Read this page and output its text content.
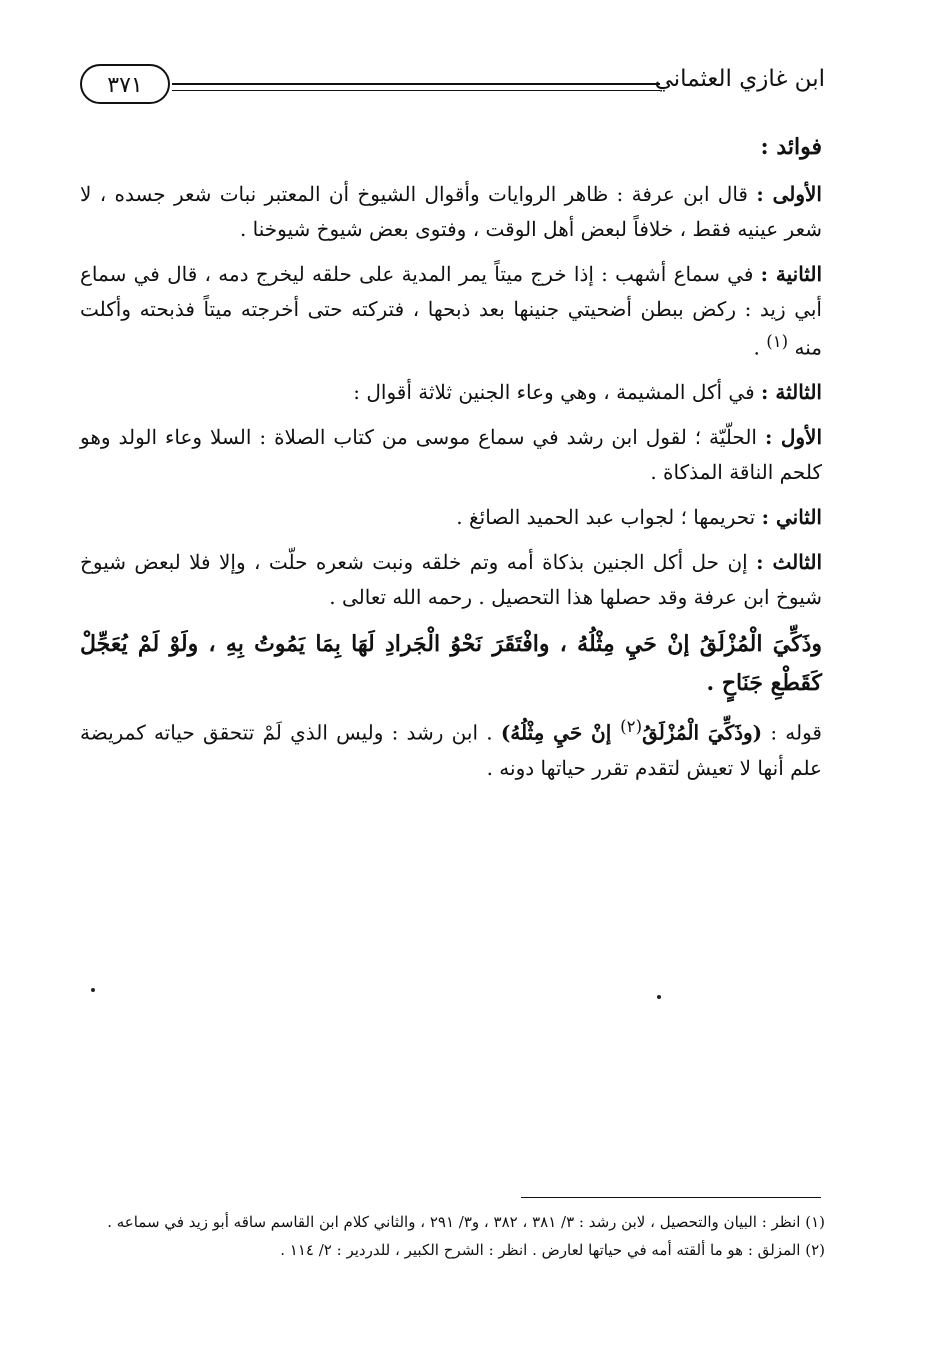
٣٧١	ابن غازي العثماني

فوائد :

الأولى : قال ابن عرفة : ظاهر الروايات وأقوال الشيوخ أن المعتبر نبات شعر جسده ، لا شعر عينيه فقط ، خلافاً لبعض أهل الوقت ، وفتوى بعض شيوخ شيوخنا .

الثانية : في سماع أشهب : إذا خرج ميتاً يمر المدية على حلقه ليخرج دمه ، قال في سماع أبي زيد : ركض ببطن أضحيتي جنينها بعد ذبحها ، فتركته حتى أخرجته ميتاً فذبحته وأكلت منه $^{(١)}$ .

الثالثة : في أكل المشيمة ، وهي وعاء الجنين ثلاثة أقوال :

الأول : الحلّيّة ؛ لقول ابن رشد في سماع موسى من كتاب الصلاة : السلا وعاء الولد وهو كلحم الناقة المذكاة .

الثاني : تحريمها ؛ لجواب عبد الحميد الصائغ .

الثالث : إن حل أكل الجنين بذكاة أمه وتم خلقه ونبت شعره حلّت ، وإلا فلا لبعض شيوخ شيوخ ابن عرفة وقد حصلها هذا التحصيل . رحمه الله تعالى .

وذَكِّيَ الْمُزْلَقُ إنْ حَيِ مِثْلُهُ ، وافْتَقَرَ نَحْوُ الْجَرادِ لَهَا بِمَا يَمُوتُ بِهِ ، ولَوْ لَمْ يُعَجِّلْ كَقَطْعِ جَنَاحٍ .

قوله : (وذَكِّيَ الْمُزْلَقُ$^{(٢)}$ إنْ حَيِ مِثْلُهُ) . ابن رشد : وليس الذي لَمْ تتحقق حياته كمريضة علم أنها لا تعيش لتقدم تقرر حياتها دونه .

(١) انظر : البيان والتحصيل ، لابن رشد : ٣/ ٣٨١ ، ٣٨٢ ، و٣/ ٢٩١ ، والثاني كلام ابن القاسم ساقه أبو زيد في سماعه .

(٢) المزلق : هو ما ألقته أمه في حياتها لعارض . انظر : الشرح الكبير ، للدردير : ٢/ ١١٤ .
